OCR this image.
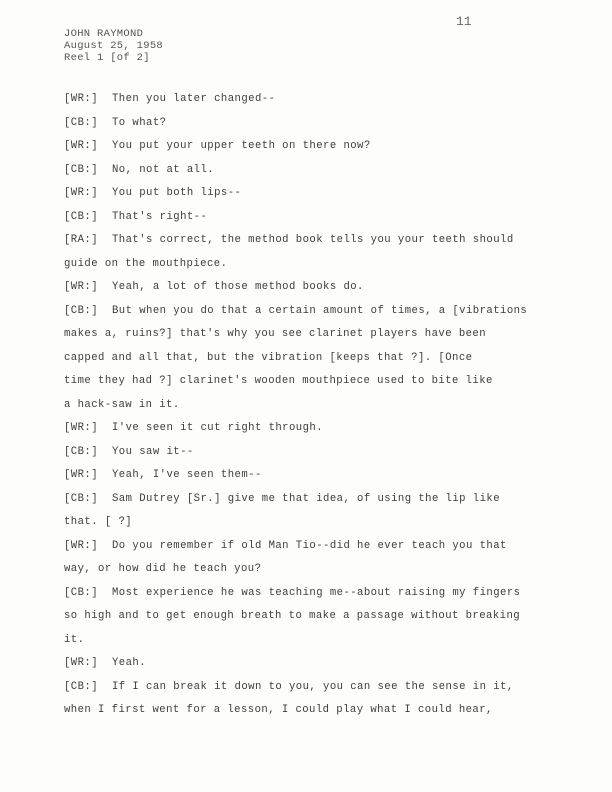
11
JOHN RAYMOND
August 25, 1958
Reel 1 [of 2]
[WR:] Then you later changed--
[CB:] To what?
[WR:] You put your upper teeth on there now?
[CB:] No, not at all.
[WR:] You put both lips--
[CB:] That's right--
[RA:] That's correct, the method book tells you your teeth should
guide on the mouthpiece.
[WR:] Yeah, a lot of those method books do.
[CB:] But when you do that a certain amount of times, a [vibrations
makes a, ruins?] that's why you see clarinet players have been
capped and all that, but the vibration [keeps that ?]. [Once
time they had ?] clarinet's wooden mouthpiece used to bite like
a hack-saw in it.
[WR:] I've seen it cut right through.
[CB:] You saw it--
[WR:] Yeah, I've seen them--
[CB:] Sam Dutrey [Sr.] give me that idea, of using the lip like
that. [ ?]
[WR:] Do you remember if old Man Tio--did he ever teach you that
way, or how did he teach you?
[CB:] Most experience he was teaching me--about raising my fingers
so high and to get enough breath to make a passage without breaking
it.
[WR:] Yeah.
[CB:] If I can break it down to you, you can see the sense in it,
when I first went for a lesson, I could play what I could hear,
